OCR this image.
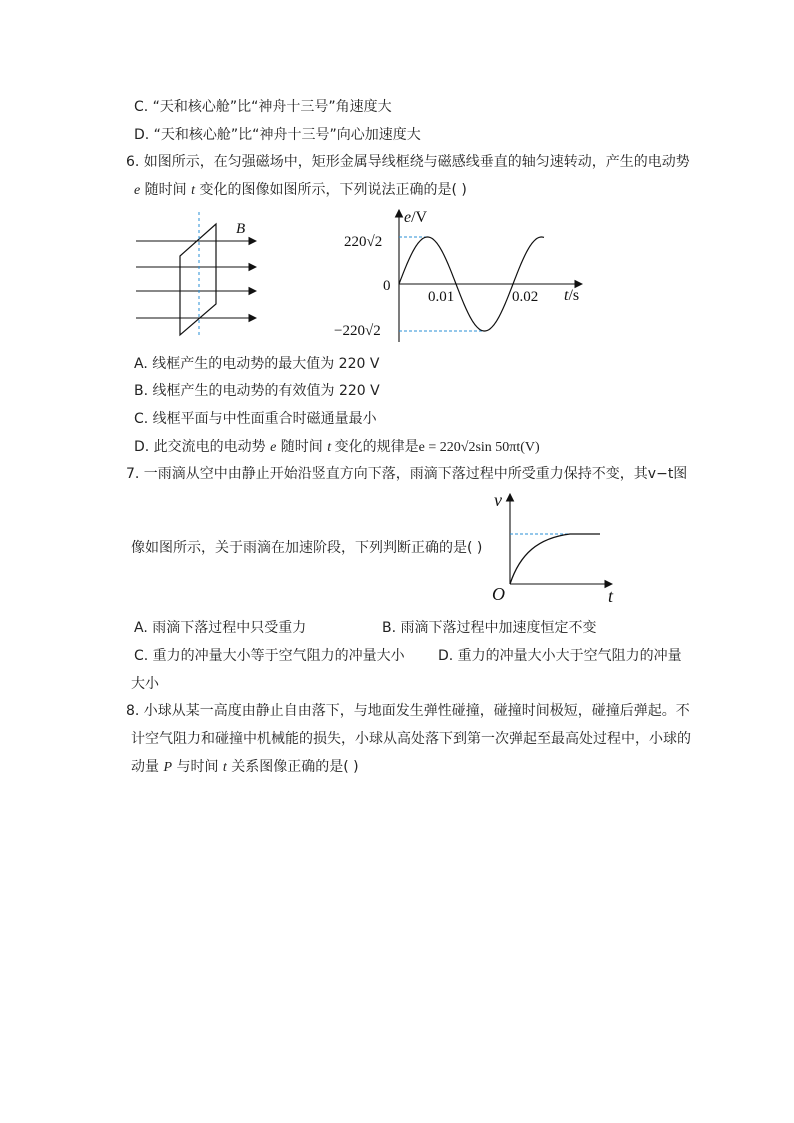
C. “天和核心舱”比“神舟十三号”角速度大
D. “天和核心舱”比“神舟十三号”向心加速度大
6. 如图所示，在匀强磁场中，矩形金属导线框绕与磁感线垂直的轴匀速转动，产生的电动势
e 随时间 t 变化的图像如图所示，下列说法正确的是( )
B
e/V
t/s
220√2
0
−220√2
0.01	0.02
A. 线框产生的电动势的最大值为 220 V
B. 线框产生的电动势的有效值为 220 V
C. 线框平面与中性面重合时磁通量最小
D. 此交流电的电动势 e 随时间 t 变化的规律是e = 220√2sin 50πt(V)
7. 一雨滴从空中由静止开始沿竖直方向下落，雨滴下落过程中所受重力保持不变，其v−t图
v
t
O
像如图所示，关于雨滴在加速阶段，下列判断正确的是( )
A. 雨滴下落过程中只受重力	B. 雨滴下落过程中加速度恒定不变
C. 重力的冲量大小等于空气阻力的冲量大小 D. 重力的冲量大小大于空气阻力的冲量
大小
8. 小球从某一高度由静止自由落下，与地面发生弹性碰撞，碰撞时间极短，碰撞后弹起。不
计空气阻力和碰撞中机械能的损失，小球从高处落下到第一次弹起至最高处过程中，小球的
动量 P 与时间 t 关系图像正确的是( )
